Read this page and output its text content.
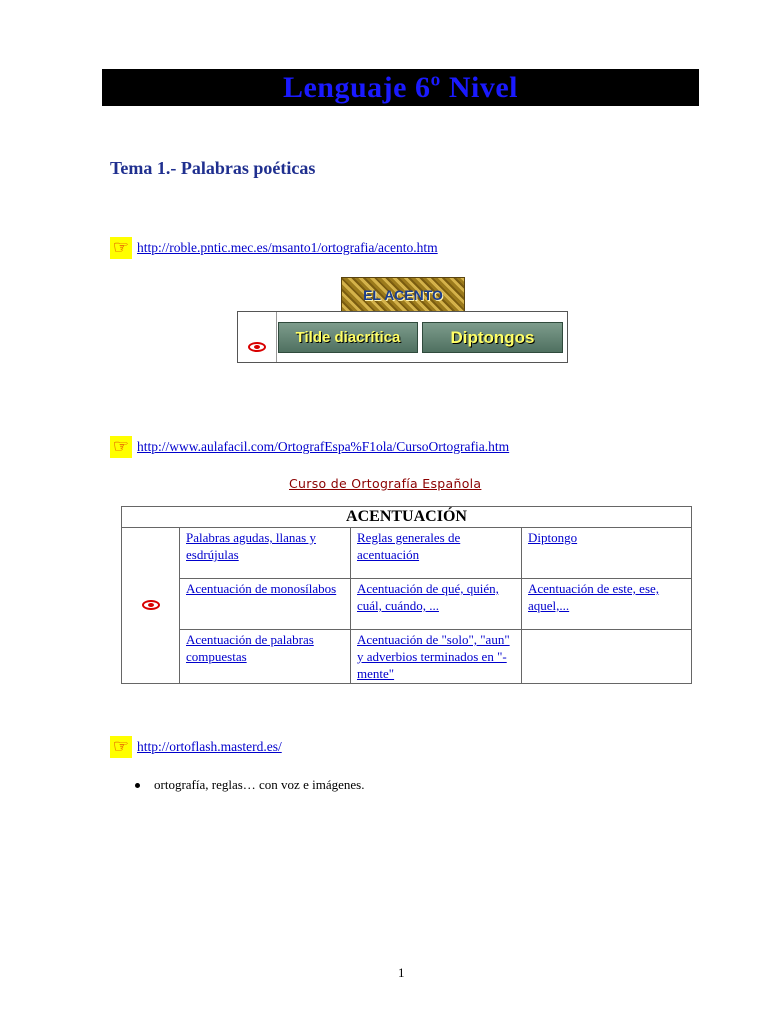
Lenguaje 6º Nivel
Tema 1.- Palabras poéticas
☞ http://roble.pntic.mec.es/msanto1/ortografia/acento.htm
EL ACENTO
Tilde diacrítica	Diptongos
☞ http://www.aulafacil.com/OrtografEspa%F1ola/CursoOrtografia.htm
Curso de Ortografía Española
ACENTUACIÓN			

	Palabras agudas, llanas y esdrújulas	Reglas generales de acentuación	Diptongo

	Acentuación de monosílabos	Acentuación de qué, quién, cuál, cuándo, ...	Acentuación de este, ese, aquel,...

	Acentuación de palabras compuestas	Acentuación de "solo", "aun" y adverbios terminados en "-mente"	

☞ http://ortoflash.masterd.es/
ortografía, reglas… con voz e imágenes.
1
